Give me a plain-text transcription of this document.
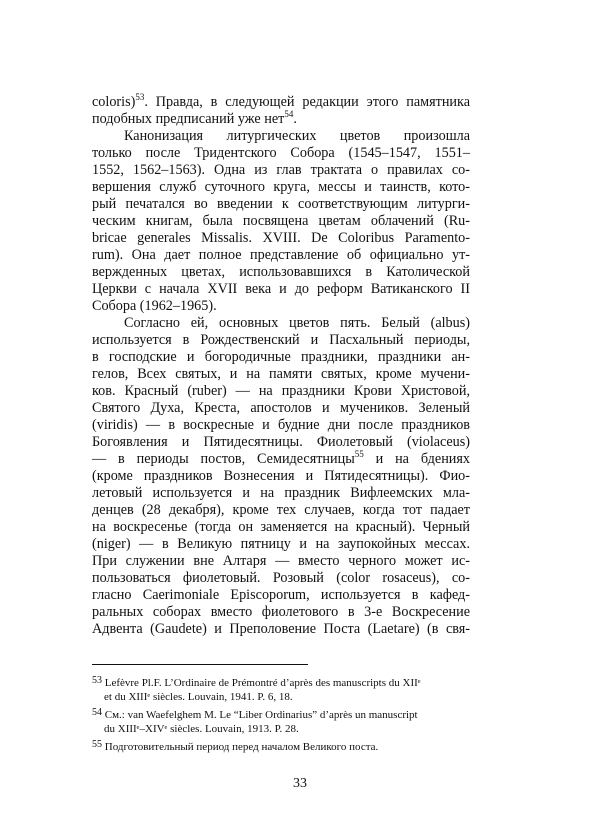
coloris)$^{53}$. Правда, в следующей редакции этого памятника
подобных предписаний уже нет$^{54}$.
Канонизация литургических цветов произошла
только после Тридентского Собора (1545–1547, 1551–
1552, 1562–1563). Одна из глав трактата о правилах со-
вершения служб суточного круга, мессы и таинств, кото-
рый печатался во введении к соответствующим литурги-
ческим книгам, была посвящена цветам облачений (Ru-
bricae generales Missalis. XVIII. De Coloribus Paramento-
rum). Она дает полное представление об официально ут-
вержденных цветах, использовавшихся в Католической
Церкви с начала XVII века и до реформ Ватиканского II
Собора (1962–1965).
Согласно ей, основных цветов пять. Белый (albus)
используется в Рождественский и Пасхальный периоды,
в господские и богородичные праздники, праздники ан-
гелов, Всех святых, и на памяти святых, кроме мучени-
ков. Красный (ruber) — на праздники Крови Христовой,
Святого Духа, Креста, апостолов и мучеников. Зеленый
(viridis) — в воскресные и будние дни после праздников
Богоявления и Пятидесятницы. Фиолетовый (violaceus)
— в периоды постов, Семидесятницы$^{55}$ и на бдениях
(кроме праздников Вознесения и Пятидесятницы). Фио-
летовый используется и на праздник Вифлеемских мла-
денцев (28 декабря), кроме тех случаев, когда тот падает
на воскресенье (тогда он заменяется на красный). Черный
(niger) — в Великую пятницу и на заупокойных мессах.
При служении вне Алтаря — вместо черного может ис-
пользоваться фиолетовый. Розовый (color rosaceus), со-
гласно Caerimoniale Episcoporum, используется в кафед-
ральных соборах вместо фиолетового в 3-е Воскресение
Адвента (Gaudete) и Преполовение Поста (Laetare) (в свя-
53 Lefèvre Pl.F. L’Ordinaire de Prémontré d’après des manuscripts du XIIᵉ
et du XIIIᵉ siècles. Louvain, 1941. P. 6, 18.
54 См.: van Waefelghem M. Le “Liber Ordinarius” d’après un manuscript
du XIIIᵉ–XIVᵉ siècles. Louvain, 1913. P. 28.
55 Подготовительный период перед началом Великого поста.
33
